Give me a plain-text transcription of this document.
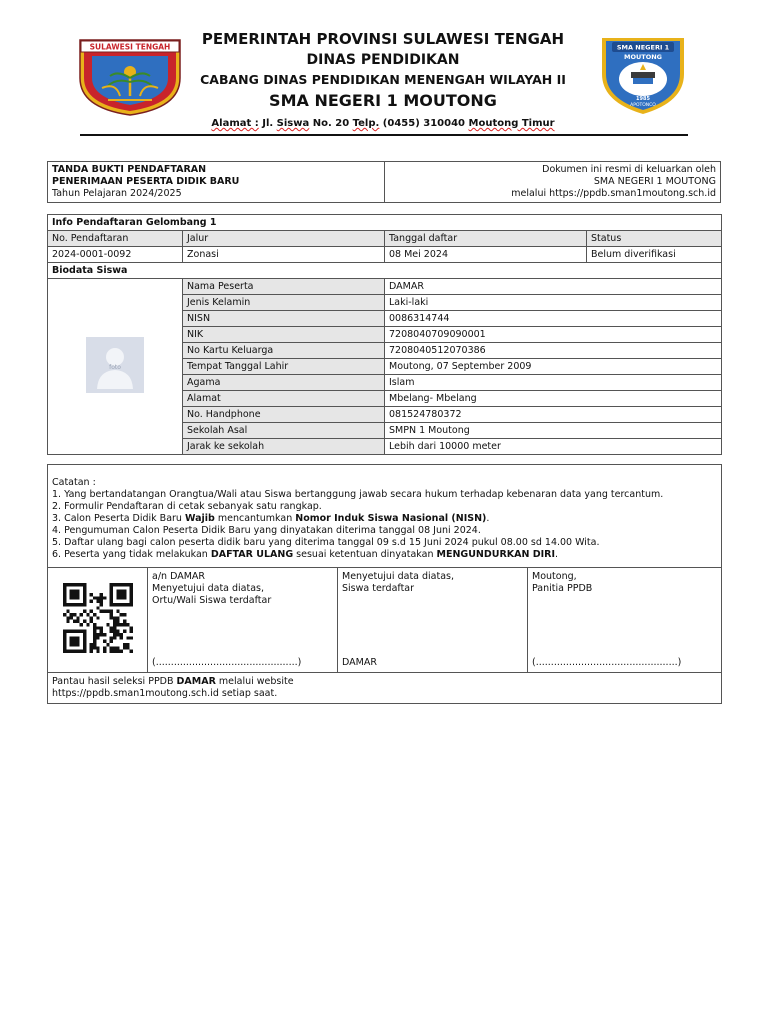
SULAWESI TENGAH	PEMERINTAH PROVINSI SULAWESI TENGAH
DINAS PENDIDIKAN
CABANG DINAS PENDIDIKAN MENENGAH WILAYAH II
SMA NEGERI 1 MOUTONG
Alamat : Jl. Siswa No. 20 Telp. (0455) 310040 Moutong Timur
SMA NEGERI 1
MOUTONG
1985
APOTONCO
TANDA BUKTI PENDAFTARAN
PENERIMAAN PESERTA DIDIK BARU
Tahun Pelajaran 2024/2025

Dokumen ini resmi di keluarkan oleh
SMA NEGERI 1 MOUTONG
melalui https://ppdb.sman1moutong.sch.id
Info Pendaftaran Gelombang 1			
No. Pendaftaran	Jalur	Tanggal daftar	Status
2024-0001-0092	Zonasi	08 Mei 2024	Belum diverifikasi
Biodata Siswa			

foto	Nama Peserta	DAMAR	
	Jenis Kelamin	Laki-laki	
	NISN	0086314744	
	NIK	7208040709090001	
	No Kartu Keluarga	7208040512070386	
	Tempat Tanggal Lahir	Moutong, 07 September 2009	
	Agama	Islam	
	Alamat	Mbelang- Mbelang	
	No. Handphone	081524780372	
	Sekolah Asal	SMPN 1 Moutong	
	Jarak ke sekolah	Lebih dari 10000 meter	
Catatan :
1. Yang bertandatangan Orangtua/Wali atau Siswa bertanggung jawab secara hukum terhadap kebenaran data yang tercantum.
2. Formulir Pendaftaran di cetak sebanyak satu rangkap.
3. Calon Peserta Didik Baru Wajib mencantumkan Nomor Induk Siswa Nasional (NISN).
4. Pengumuman Calon Peserta Didik Baru yang dinyatakan diterima tanggal 08 Juni 2024.
5. Daftar ulang bagi calon peserta didik baru yang diterima tanggal 09 s.d 15 Juni 2024 pukul 08.00 sd 14.00 Wita.
6. Peserta yang tidak melakukan DAFTAR ULANG sesuai ketentuan dinyatakan MENGUNDURKAN DIRI.

a/n DAMAR
Menyetujui data diatas,
Ortu/Wali Siswa terdaftar
(...............................................)

Menyetujui data diatas,
Siswa terdaftar
DAMAR

Moutong,
Panitia PPDB
(...............................................)

Pantau hasil seleksi PPDB DAMAR melalui website
https://ppdb.sman1moutong.sch.id setiap saat.
